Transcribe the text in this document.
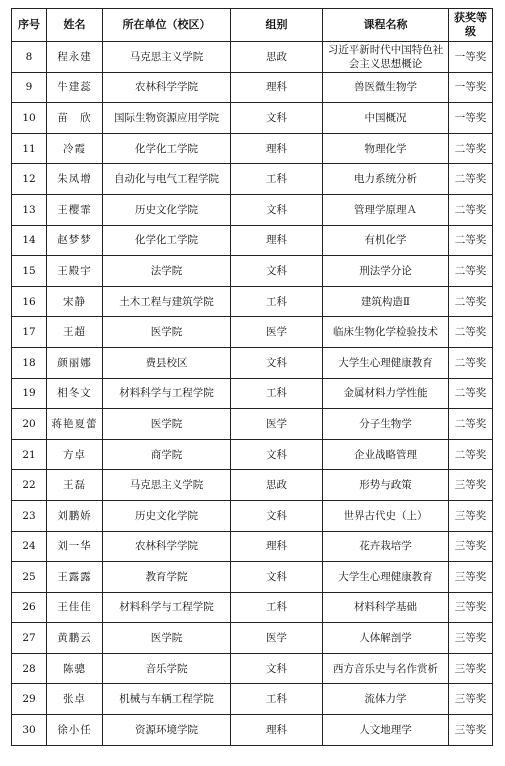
序号	姓名	所在单位（校区）	组别	课程名称	获奖等级
8	程永建	马克思主义学院	思政	习近平新时代中国特色社会主义思想概论	一等奖
9	牛建蕊	农林科学学院	理科	兽医微生物学	一等奖
10	苗　欣	国际生物资源应用学院	文科	中国概况	一等奖
11	冷霞	化学化工学院	理科	物理化学	二等奖
12	朱凤增	自动化与电气工程学院	工科	电力系统分析	二等奖
13	王樱霏	历史文化学院	文科	管理学原理Ａ	二等奖
14	赵梦梦	化学化工学院	理科	有机化学	二等奖
15	王殿宇	法学院	文科	刑法学分论	二等奖
16	宋静	土木工程与建筑学院	工科	建筑构造Ⅱ	二等奖
17	王超	医学院	医学	临床生物化学检验技术	二等奖
18	颜丽娜	费县校区	文科	大学生心理健康教育	二等奖
19	相冬文	材料科学与工程学院	工科	金属材料力学性能	二等奖
20	蒋艳夏蕾	医学院	医学	分子生物学	二等奖
21	方卓	商学院	文科	企业战略管理	二等奖
22	王磊	马克思主义学院	思政	形势与政策	三等奖
23	刘鹏娇	历史文化学院	文科	世界古代史（上）	三等奖
24	刘一华	农林科学学院	理科	花卉栽培学	三等奖
25	王露露	教育学院	文科	大学生心理健康教育	三等奖
26	王佳佳	材料科学与工程学院	工科	材料科学基础	三等奖
27	黄鹏云	医学院	医学	人体解剖学	三等奖
28	陈骢	音乐学院	文科	西方音乐史与名作赏析	三等奖
29	张卓	机械与车辆工程学院	工科	流体力学	三等奖
30	徐小任	资源环境学院	理科	人文地理学	三等奖
